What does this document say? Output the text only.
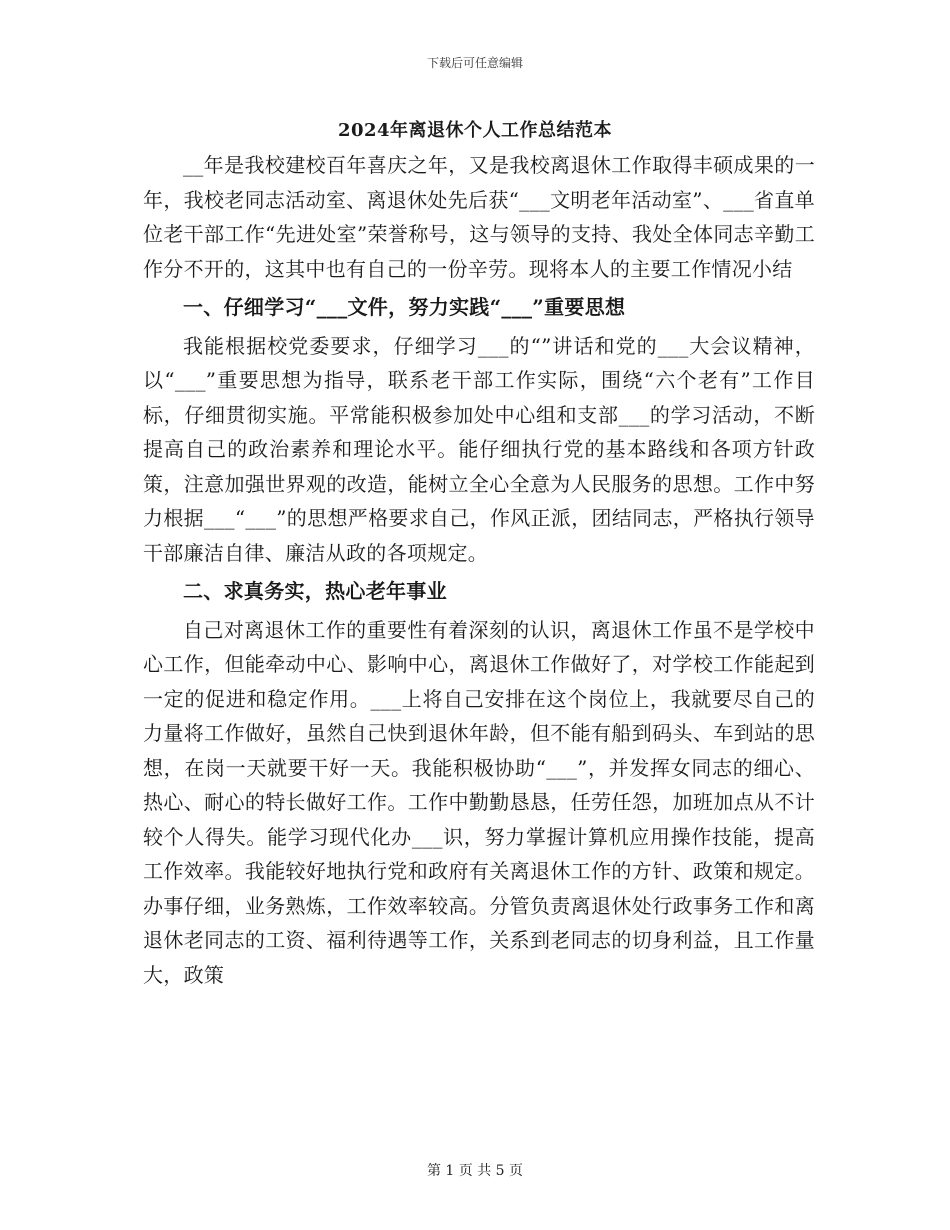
下载后可任意编辑
2024年离退休个人工作总结范本

__年是我校建校百年喜庆之年，又是我校离退休工作取得丰硕成果的一年，我校老同志活动室、离退休处先后获“___文明老年活动室”、___省直单位老干部工作“先进处室”荣誉称号，这与领导的支持、我处全体同志辛勤工作分不开的，这其中也有自己的一份辛劳。现将本人的主要工作情况小结

一、仔细学习“___文件，努力实践“___”重要思想

我能根据校党委要求，仔细学习___的“”讲话和党的___大会议精神，以“___”重要思想为指导，联系老干部工作实际，围绕“六个老有”工作目标，仔细贯彻实施。平常能积极参加处中心组和支部___的学习活动，不断提高自己的政治素养和理论水平。能仔细执行党的基本路线和各项方针政策，注意加强世界观的改造，能树立全心全意为人民服务的思想。工作中努力根据___“___”的思想严格要求自己，作风正派，团结同志，严格执行领导干部廉洁自律、廉洁从政的各项规定。

二、求真务实，热心老年事业

自己对离退休工作的重要性有着深刻的认识，离退休工作虽不是学校中心工作，但能牵动中心、影响中心，离退休工作做好了，对学校工作能起到一定的促进和稳定作用。___上将自己安排在这个岗位上，我就要尽自己的力量将工作做好，虽然自己快到退休年龄，但不能有船到码头、车到站的思想，在岗一天就要干好一天。我能积极协助“___”，并发挥女同志的细心、热心、耐心的特长做好工作。工作中勤勤恳恳，任劳任怨，加班加点从不计较个人得失。能学习现代化办___识，努力掌握计算机应用操作技能，提高工作效率。我能较好地执行党和政府有关离退休工作的方针、政策和规定。办事仔细，业务熟炼，工作效率较高。分管负责离退休处行政事务工作和离退休老同志的工资、福利待遇等工作，关系到老同志的切身利益，且工作量大，政策

第 1 页 共 5 页
